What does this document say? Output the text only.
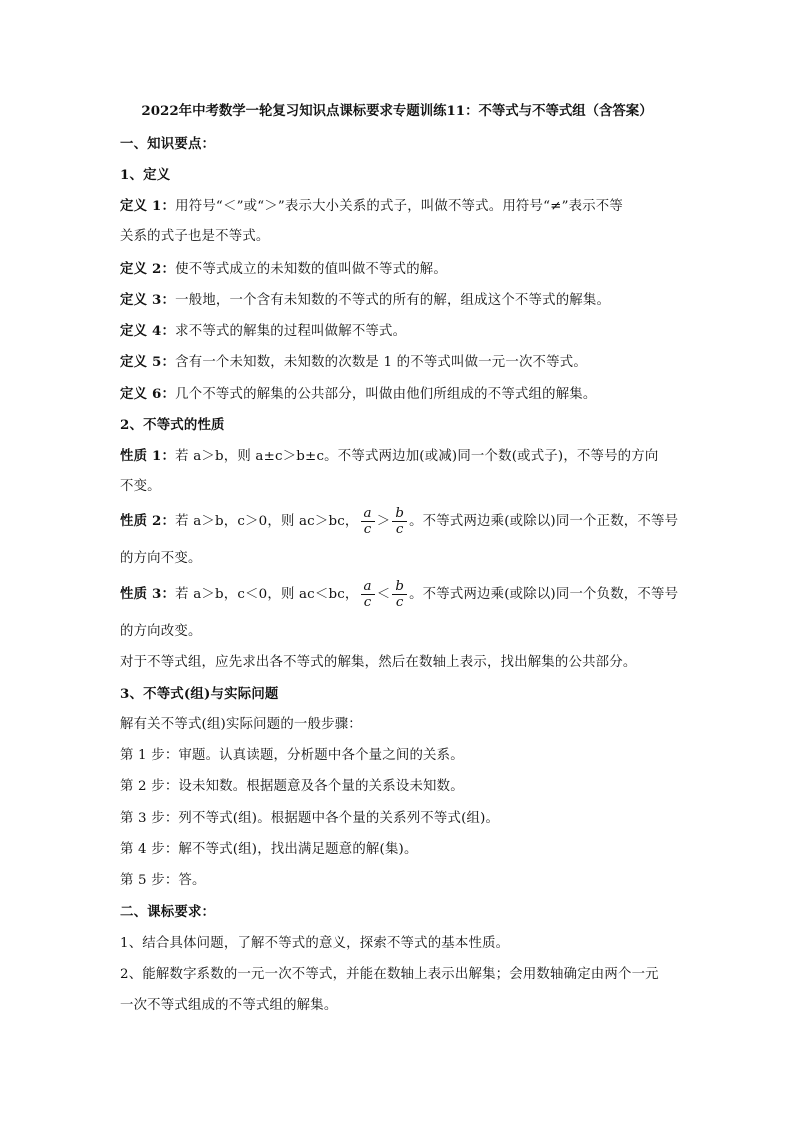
2022年中考数学一轮复习知识点课标要求专题训练11：不等式与不等式组（含答案）
一、知识要点：
1、定义
定义 1：用符号“＜”或“＞”表示大小关系的式子，叫做不等式。用符号“≠”表示不等
关系的式子也是不等式。
定义 2：使不等式成立的未知数的值叫做不等式的解。
定义 3：一般地，一个含有未知数的不等式的所有的解，组成这个不等式的解集。
定义 4：求不等式的解集的过程叫做解不等式。
定义 5：含有一个未知数，未知数的次数是 1 的不等式叫做一元一次不等式。
定义 6：几个不等式的解集的公共部分，叫做由他们所组成的不等式组的解集。
2、不等式的性质
性质 1：若 a＞b，则 a±c＞b±c。不等式两边加(或减)同一个数(或式子)，不等号的方向
不变。
性质 2：若 a＞b，c＞0，则 ac＞bc， $\frac{a}{c} > \frac{b}{c}$ 。不等式两边乘(或除以)同一个正数，不等号
的方向不变。
性质 3：若 a＞b，c＜0，则 ac＜bc， $\frac{a}{c} < \frac{b}{c}$ 。不等式两边乘(或除以)同一个负数，不等号
的方向改变。
对于不等式组，应先求出各不等式的解集，然后在数轴上表示，找出解集的公共部分。
3、不等式(组)与实际问题
解有关不等式(组)实际问题的一般步骤：
第 1 步：审题。认真读题，分析题中各个量之间的关系。
第 2 步：设未知数。根据题意及各个量的关系设未知数。
第 3 步：列不等式(组)。根据题中各个量的关系列不等式(组)。
第 4 步：解不等式(组)，找出满足题意的解(集)。
第 5 步：答。
二、课标要求：
1、结合具体问题，了解不等式的意义，探索不等式的基本性质。
2、能解数字系数的一元一次不等式，并能在数轴上表示出解集；会用数轴确定由两个一元
一次不等式组成的不等式组的解集。
